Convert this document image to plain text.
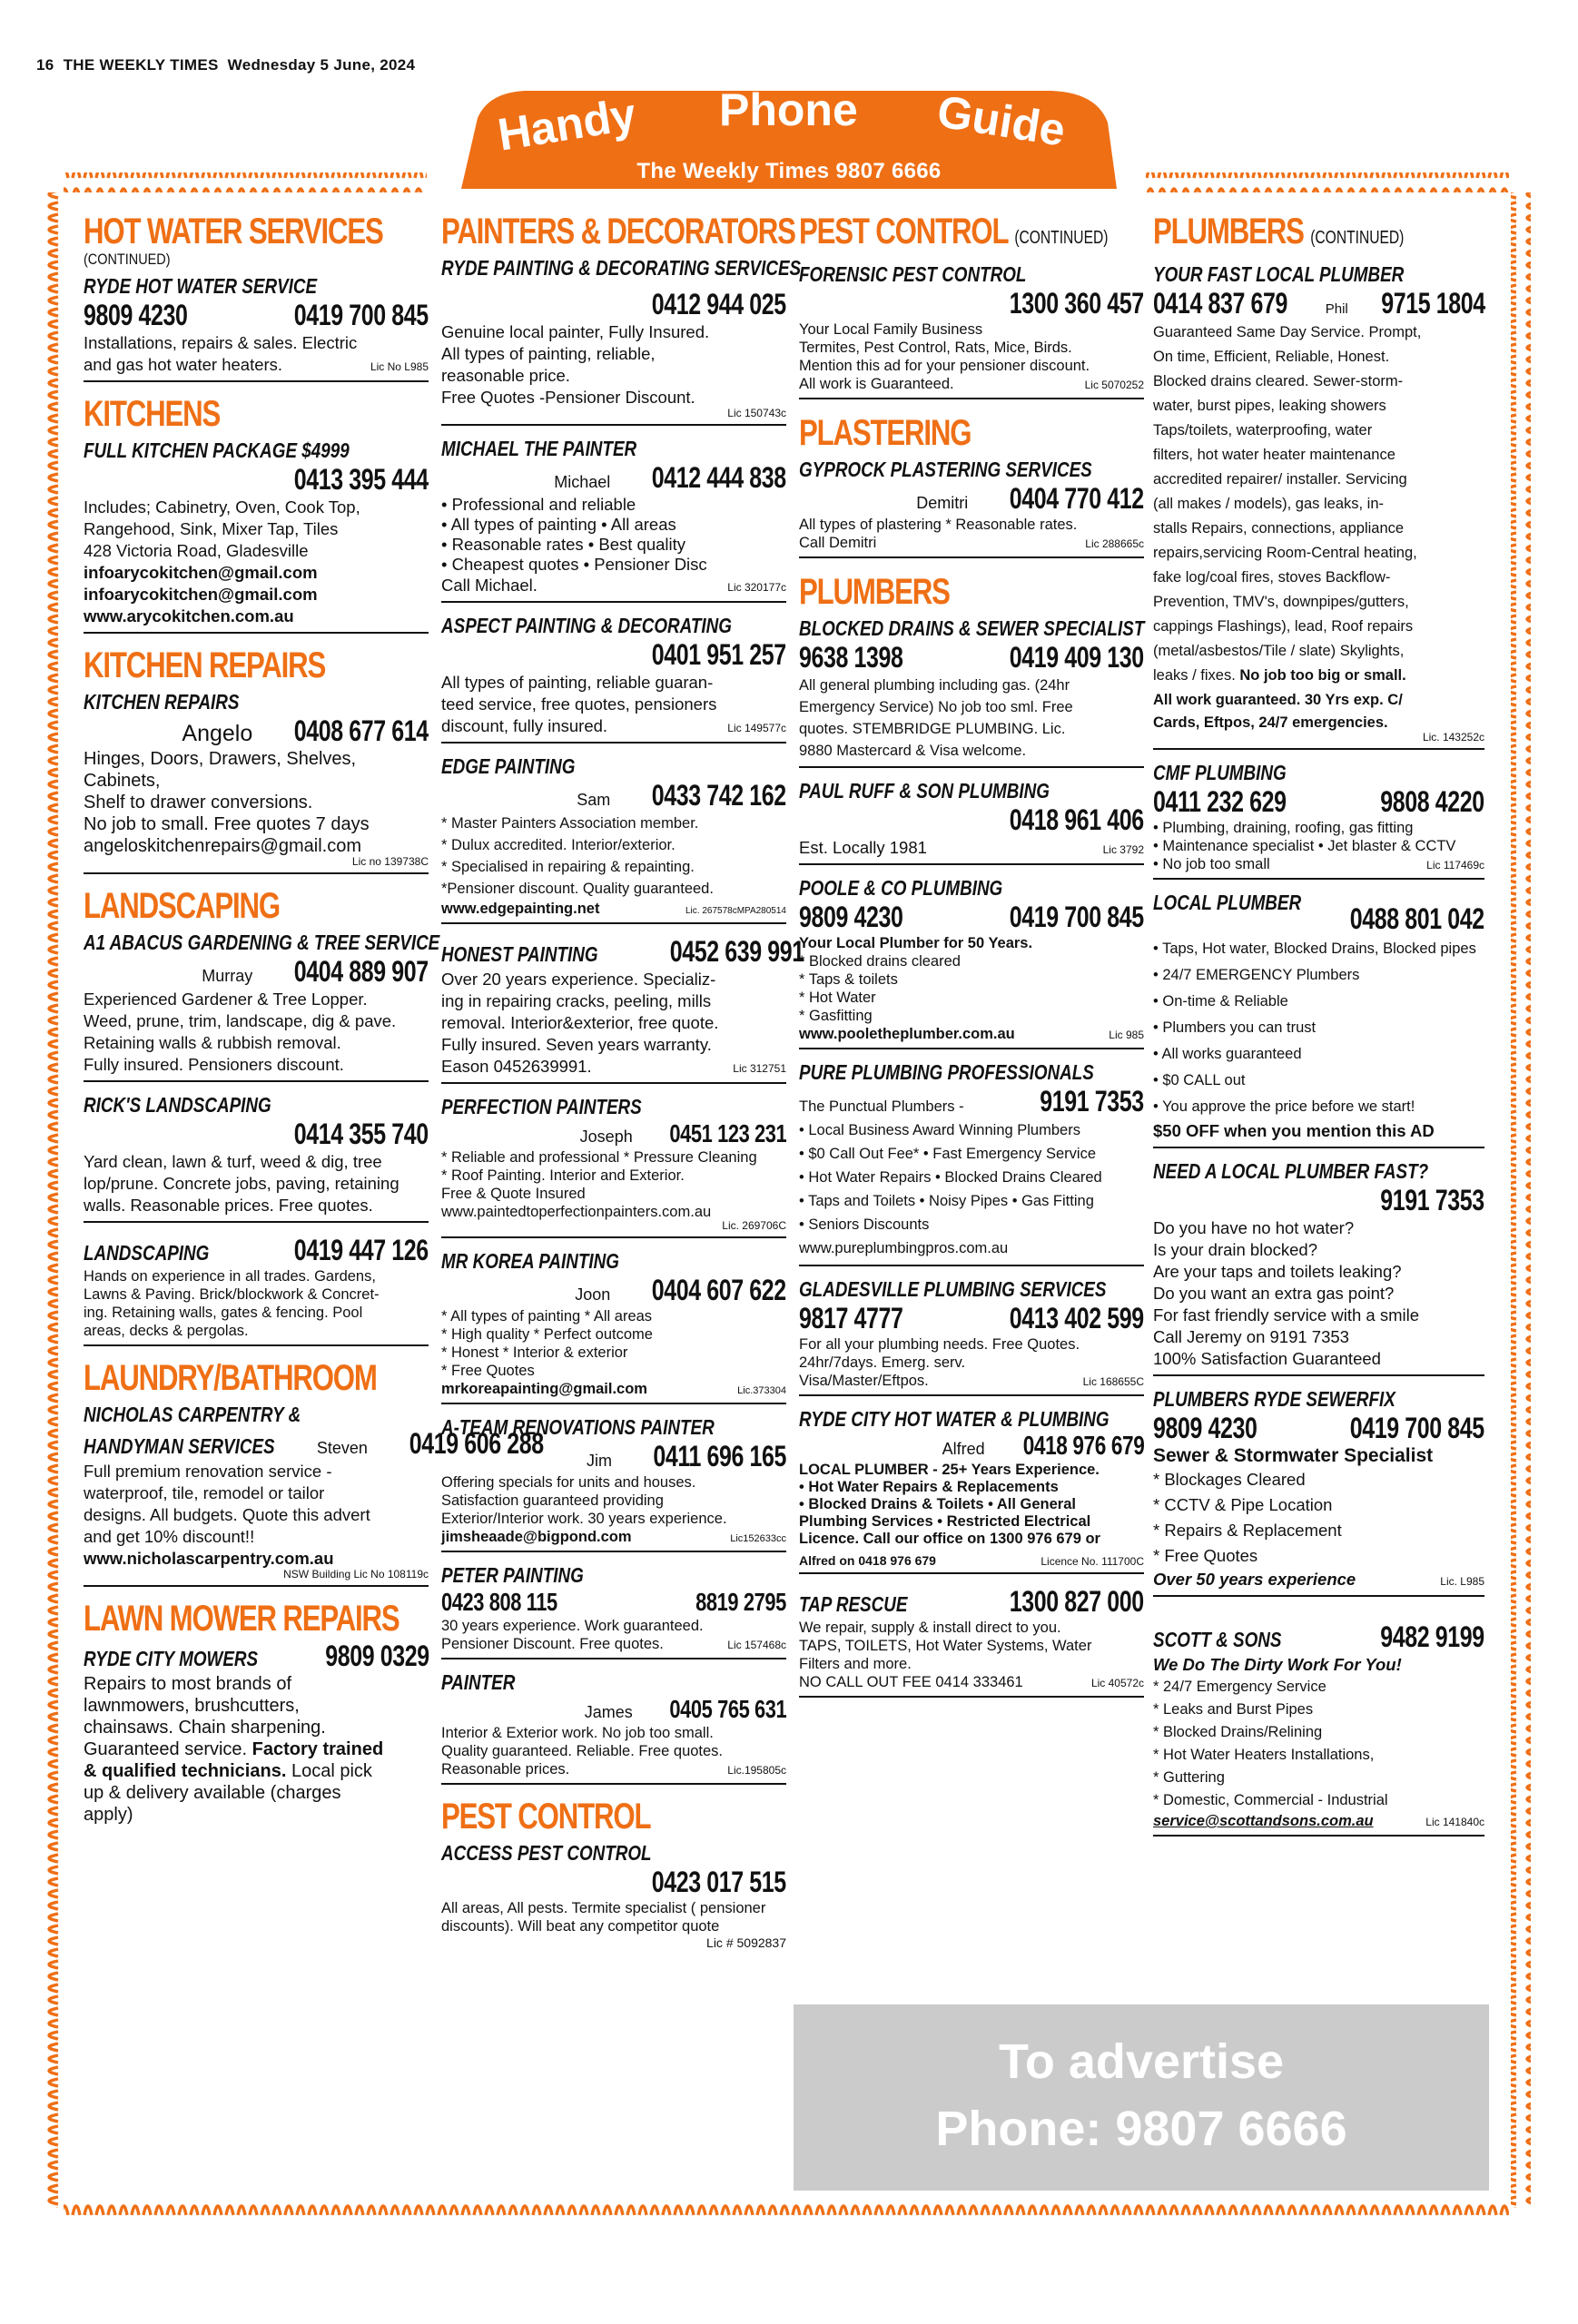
16 THE WEEKLY TIMES Wednesday 5 June, 2024
Handy Phone Guide
The Weekly Times 9807 6666
HOT WATER SERVICES
(CONTINUED)
RYDE HOT WATER SERVICE
9809 4230	0419 700 845
Installations, repairs & sales. Electric
and gas hot water heaters.	Lic No L985
KITCHENS
FULL KITCHEN PACKAGE $4999
0413 395 444
Includes; Cabinetry, Oven, Cook Top,
Rangehood, Sink, Mixer Tap, Tiles
428 Victoria Road, Gladesville
infoarycokitchen@gmail.com
infoarycokitchen@gmail.com
www.arycokitchen.com.au
KITCHEN REPAIRS
KITCHEN REPAIRS
Angelo 0408 677 614
Hinges, Doors, Drawers, Shelves,
Cabinets,
Shelf to drawer conversions.
No job to small. Free quotes 7 days
angeloskitchenrepairs@gmail.com
Lic no 139738C
LANDSCAPING
A1 ABACUS GARDENING & TREE SERVICE
Murray 0404 889 907
Experienced Gardener & Tree Lopper.
Weed, prune, trim, landscape, dig & pave.
Retaining walls & rubbish removal.
Fully insured. Pensioners discount.
RICK'S LANDSCAPING
0414 355 740
Yard clean, lawn & turf, weed & dig, tree
lop/prune. Concrete jobs, paving, retaining
walls. Reasonable prices. Free quotes.
LANDSCAPING	0419 447 126
Hands on experience in all trades. Gardens,
Lawns & Paving. Brick/blockwork & Concret-
ing. Retaining walls, gates & fencing. Pool
areas, decks & pergolas.
LAUNDRY/BATHROOM
NICHOLAS CARPENTRY &
HANDYMAN SERVICES	Steven 0419 606 288
Full premium renovation service -
waterproof, tile, remodel or tailor
designs. All budgets. Quote this advert
and get 10% discount!!
www.nicholascarpentry.com.au
NSW Building Lic No 108119c
LAWN MOWER REPAIRS
RYDE CITY MOWERS 9809 0329
Repairs to most brands of
lawnmowers, brushcutters,
chainsaws. Chain sharpening.
Guaranteed service. Factory trained
& qualified technicians. Local pick
up & delivery available (charges
apply)
PAINTERS & DECORATORS
RYDE PAINTING & DECORATING SERVICES
0412 944 025
Genuine local painter, Fully Insured.
All types of painting, reliable,
reasonable price.
Free Quotes -Pensioner Discount.
Lic 150743c
MICHAEL THE PAINTER
Michael 0412 444 838
• Professional and reliable
• All types of painting • All areas
• Reasonable rates • Best quality
• Cheapest quotes • Pensioner Disc
Call Michael.	Lic 320177c
ASPECT PAINTING & DECORATING
0401 951 257
All types of painting, reliable guaran-
teed service, free quotes, pensioners
discount, fully insured.	Lic 149577c
EDGE PAINTING
Sam 0433 742 162
* Master Painters Association member.
* Dulux accredited. Interior/exterior.
* Specialised in repairing & repainting.
*Pensioner discount. Quality guaranteed.
www.edgepainting.net	Lic. 267578cMPA280514
HONEST PAINTING 0452 639 991
Over 20 years experience. Specializ-
ing in repairing cracks, peeling, mills
removal. Interior&exterior, free quote.
Fully insured. Seven years warranty.
Eason 0452639991.	Lic 312751
PERFECTION PAINTERS
Joseph 0451 123 231
* Reliable and professional * Pressure Cleaning
* Roof Painting. Interior and Exterior.
Free & Quote Insured
www.paintedtoperfectionpainters.com.au
Lic. 269706C
MR KOREA PAINTING
Joon 0404 607 622
* All types of painting * All areas
* High quality * Perfect outcome
* Honest * Interior & exterior
* Free Quotes
mrkoreapainting@gmail.com	Lic.373304
A-TEAM RENOVATIONS PAINTER
Jim 0411 696 165
Offering specials for units and houses.
Satisfaction guaranteed providing
Exterior/Interior work. 30 years experience.
jimsheaade@bigpond.com	Lic152633cc
PETER PAINTING
0423 808 115	8819 2795
30 years experience. Work guaranteed.
Pensioner Discount. Free quotes.	Lic 157468c
PAINTER
James 0405 765 631
Interior & Exterior work. No job too small.
Quality guaranteed. Reliable. Free quotes.
Reasonable prices.	Lic.195805c
PEST CONTROL
ACCESS PEST CONTROL
0423 017 515
All areas, All pests. Termite specialist ( pensioner
discounts). Will beat any competitor quote
Lic # 5092837
PEST CONTROL (CONTINUED)
FORENSIC PEST CONTROL
1300 360 457
Your Local Family Business
Termites, Pest Control, Rats, Mice, Birds.
Mention this ad for your pensioner discount.
All work is Guaranteed.	Lic 5070252
PLASTERING
GYPROCK PLASTERING SERVICES
Demitri 0404 770 412
All types of plastering * Reasonable rates.
Call Demitri	Lic 288665c
PLUMBERS
BLOCKED DRAINS & SEWER SPECIALIST
9638 1398	0419 409 130
All general plumbing including gas. (24hr
Emergency Service) No job too sml. Free
quotes. STEMBRIDGE PLUMBING. Lic.
9880 Mastercard & Visa welcome.
PAUL RUFF & SON PLUMBING
0418 961 406
Est. Locally 1981	Lic 3792
POOLE & CO PLUMBING
9809 4230	0419 700 845
Your Local Plumber for 50 Years.
* Blocked drains cleared
* Taps & toilets
* Hot Water
* Gasfitting
www.pooletheplumber.com.au	Lic 985
PURE PLUMBING PROFESSIONALS
The Punctual Plumbers -	9191 7353
• Local Business Award Winning Plumbers
• $0 Call Out Fee* • Fast Emergency Service
• Hot Water Repairs • Blocked Drains Cleared
• Taps and Toilets • Noisy Pipes • Gas Fitting
• Seniors Discounts
www.pureplumbingpros.com.au
GLADESVILLE PLUMBING SERVICES
9817 4777	0413 402 599
For all your plumbing needs. Free Quotes.
24hr/7days. Emerg. serv.
Visa/Master/Eftpos.	Lic 168655C
RYDE CITY HOT WATER & PLUMBING
Alfred 0418 976 679
LOCAL PLUMBER - 25+ Years Experience.
• Hot Water Repairs & Replacements
• Blocked Drains & Toilets • All General
Plumbing Services • Restricted Electrical
Licence. Call our office on 1300 976 679 or
Alfred on 0418 976 679	Licence No. 111700C
TAP RESCUE	1300 827 000
We repair, supply & install direct to you.
TAPS, TOILETS, Hot Water Systems, Water
Filters and more.
NO CALL OUT FEE 0414 333461	Lic 40572c
To advertise
Phone: 9807 6666
PLUMBERS (CONTINUED)
YOUR FAST LOCAL PLUMBER
0414 837 679	Phil 9715 1804
Guaranteed Same Day Service. Prompt,
On time, Efficient, Reliable, Honest.
Blocked drains cleared. Sewer-storm-
water, burst pipes, leaking showers
Taps/toilets, waterproofing, water
filters, hot water heater maintenance
accredited repairer/ installer. Servicing
(all makes / models), gas leaks, in-
stalls Repairs, connections, appliance
repairs,servicing Room-Central heating,
fake log/coal fires, stoves Backflow-
Prevention, TMV's, downpipes/gutters,
cappings Flashings), lead, Roof repairs
(metal/asbestos/Tile / slate) Skylights,
leaks / fixes. No job too big or small.
All work guaranteed. 30 Yrs exp. C/
Cards, Eftpos, 24/7 emergencies.
Lic. 143252c
CMF PLUMBING
0411 232 629	9808 4220
• Plumbing, draining, roofing, gas fitting
• Maintenance specialist • Jet blaster & CCTV
• No job too small	Lic 117469c
LOCAL PLUMBER	0488 801 042
• Taps, Hot water, Blocked Drains, Blocked pipes
• 24/7 EMERGENCY Plumbers
• On-time & Reliable
• Plumbers you can trust
• All works guaranteed
• $0 CALL out
• You approve the price before we start!
$50 OFF when you mention this AD
NEED A LOCAL PLUMBER FAST?
9191 7353
Do you have no hot water?
Is your drain blocked?
Are your taps and toilets leaking?
Do you want an extra gas point?
For fast friendly service with a smile
Call Jeremy on 9191 7353
100% Satisfaction Guaranteed
PLUMBERS RYDE SEWERFIX
9809 4230	0419 700 845
Sewer & Stormwater Specialist
* Blockages Cleared
* CCTV & Pipe Location
* Repairs & Replacement
* Free Quotes
Over 50 years experience	Lic. L985
SCOTT & SONS	9482 9199
We Do The Dirty Work For You!
* 24/7 Emergency Service
* Leaks and Burst Pipes
* Blocked Drains/Relining
* Hot Water Heaters Installations,
* Guttering
* Domestic, Commercial - Industrial
service@scottandsons.com.au	Lic 141840c
